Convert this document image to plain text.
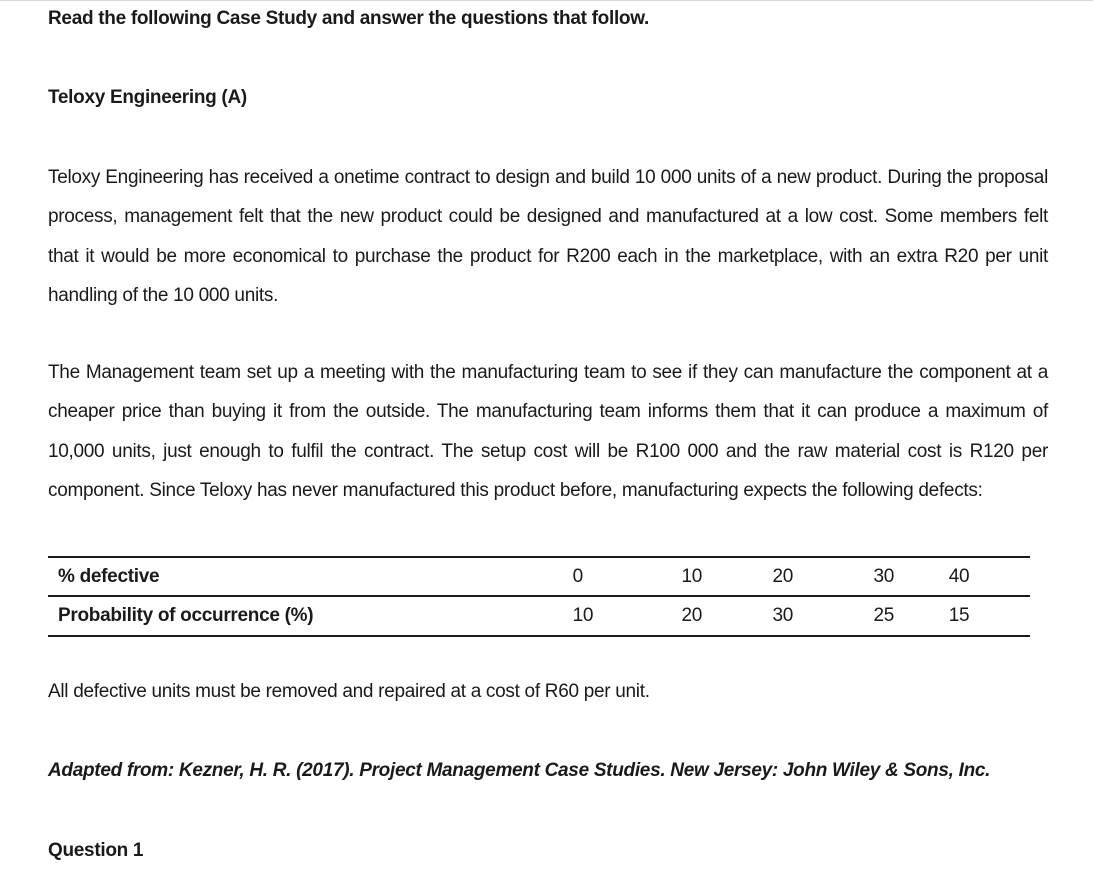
Read the following Case Study and answer the questions that follow.
Teloxy Engineering (A)

Teloxy Engineering has received a onetime contract to design and build 10 000 units of a new product. During the proposal
process, management felt that the new product could be designed and manufactured at a low cost. Some members felt
that it would be more economical to purchase the product for R200 each in the marketplace, with an extra R20 per unit
handling of the 10 000 units.

The Management team set up a meeting with the manufacturing team to see if they can manufacture the component at a
cheaper price than buying it from the outside. The manufacturing team informs them that it can produce a maximum of
10,000 units, just enough to fulfil the contract. The setup cost will be R100 000 and the raw material cost is R120 per
component. Since Teloxy has never manufactured this product before, manufacturing expects the following defects:

% defective	0	10	20	30	40
Probability of occurrence (%)	10	20	30	25	15
All defective units must be removed and repaired at a cost of R60 per unit.
Adapted from: Kezner, H. R. (2017). Project Management Case Studies. New Jersey: John Wiley & Sons, Inc.
Question 1
